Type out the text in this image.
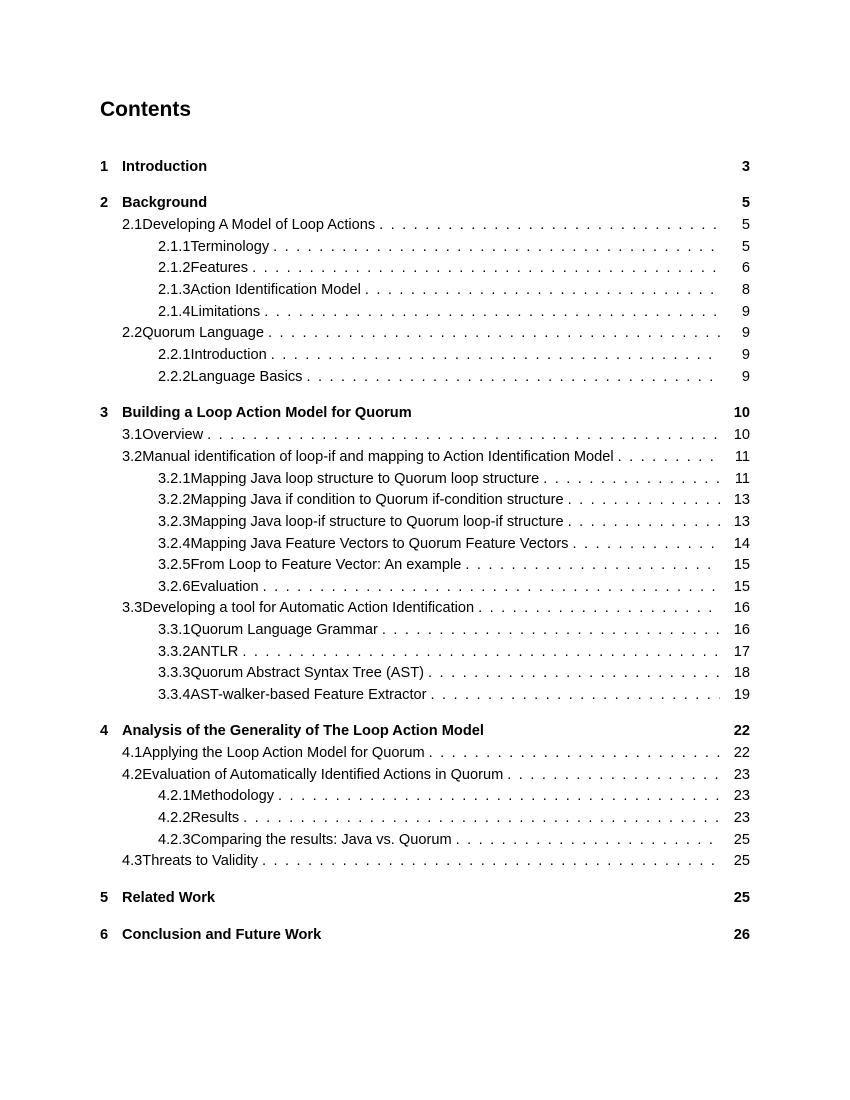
Contents
1 Introduction	3
2 Background	5
2.1 Developing A Model of Loop Actions . . .	5
2.1.1 Terminology . . .	5
2.1.2 Features . . .	6
2.1.3 Action Identification Model . . .	8
2.1.4 Limitations . . .	9
2.2 Quorum Language . . .	9
2.2.1 Introduction . . .	9
2.2.2 Language Basics . . .	9
3 Building a Loop Action Model for Quorum	10
3.1 Overview . . .	10
3.2 Manual identification of loop-if and mapping to Action Identification Model . . .	11
3.2.1 Mapping Java loop structure to Quorum loop structure . . .	11
3.2.2 Mapping Java if condition to Quorum if-condition structure . . .	13
3.2.3 Mapping Java loop-if structure to Quorum loop-if structure . . .	13
3.2.4 Mapping Java Feature Vectors to Quorum Feature Vectors . . .	14
3.2.5 From Loop to Feature Vector: An example . . .	15
3.2.6 Evaluation . . .	15
3.3 Developing a tool for Automatic Action Identification . . .	16
3.3.1 Quorum Language Grammar . . .	16
3.3.2 ANTLR . . .	17
3.3.3 Quorum Abstract Syntax Tree (AST) . . .	18
3.3.4 AST-walker-based Feature Extractor . . .	19
4 Analysis of the Generality of The Loop Action Model	22
4.1 Applying the Loop Action Model for Quorum . . .	22
4.2 Evaluation of Automatically Identified Actions in Quorum . . .	23
4.2.1 Methodology . . .	23
4.2.2 Results . . .	23
4.2.3 Comparing the results: Java vs. Quorum . . .	25
4.3 Threats to Validity . . .	25
5 Related Work	25
6 Conclusion and Future Work	26
